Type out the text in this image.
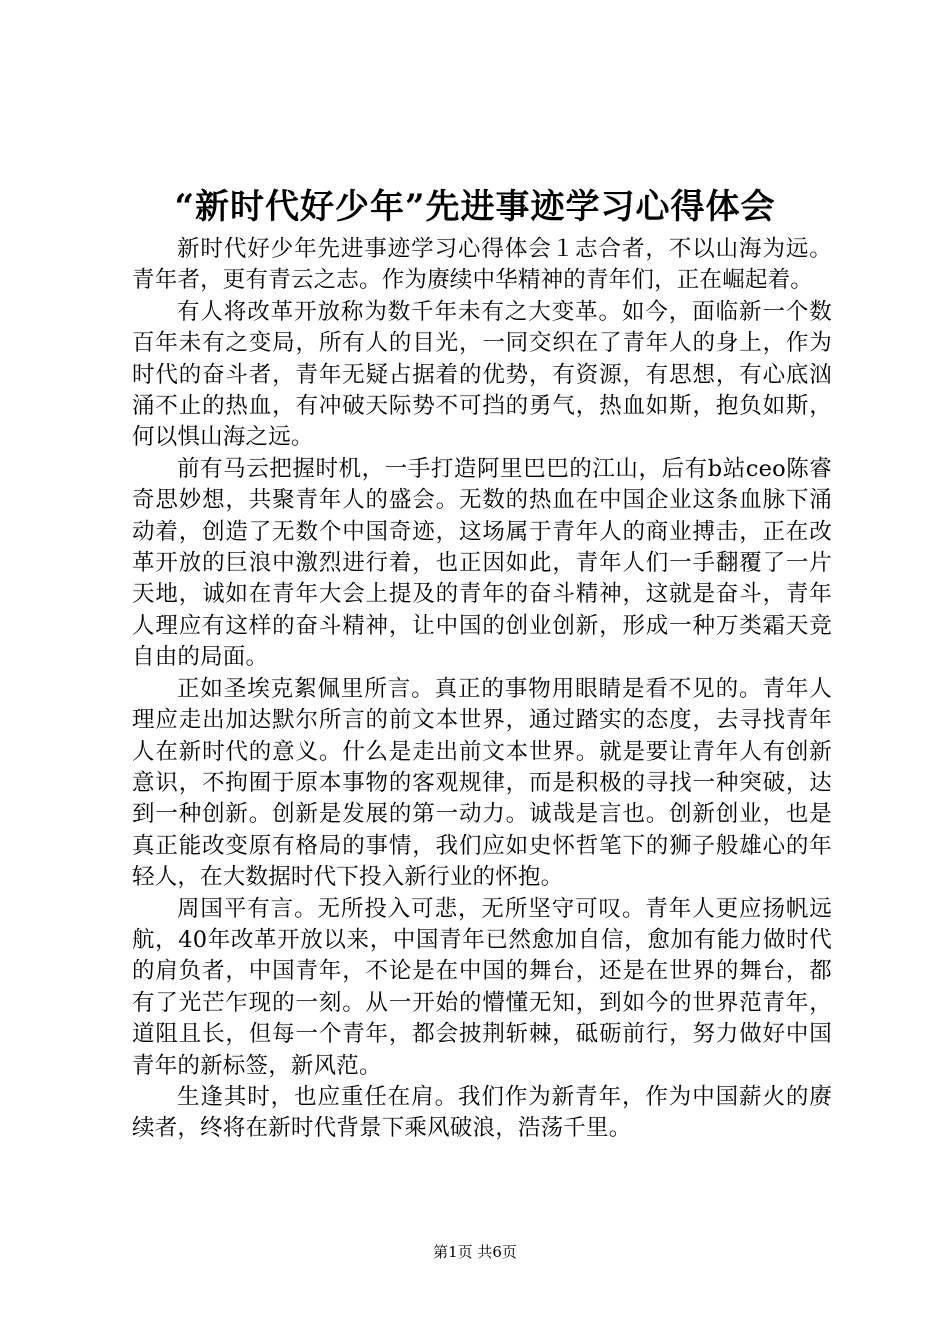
“新时代好少年”先进事迹学习心得体会

新时代好少年先进事迹学习心得体会１志合者，不以山海为远。青年者，更有青云之志。作为赓续中华精神的青年们，正在崛起着。

有人将改革开放称为数千年未有之大变革。如今，面临新一个数百年未有之变局，所有人的目光，一同交织在了青年人的身上，作为时代的奋斗者，青年无疑占据着的优势，有资源，有思想，有心底汹涌不止的热血，有冲破天际势不可挡的勇气，热血如斯，抱负如斯，何以惧山海之远。

前有马云把握时机，一手打造阿里巴巴的江山，后有b站ceo陈睿奇思妙想，共聚青年人的盛会。无数的热血在中国企业这条血脉下涌动着，创造了无数个中国奇迹，这场属于青年人的商业搏击，正在改革开放的巨浪中激烈进行着，也正因如此，青年人们一手翻覆了一片天地，诚如在青年大会上提及的青年的奋斗精神，这就是奋斗，青年人理应有这样的奋斗精神，让中国的创业创新，形成一种万类霜天竞自由的局面。

正如圣埃克絮佩里所言。真正的事物用眼睛是看不见的。青年人理应走出加达默尔所言的前文本世界，通过踏实的态度，去寻找青年人在新时代的意义。什么是走出前文本世界。就是要让青年人有创新意识，不拘囿于原本事物的客观规律，而是积极的寻找一种突破，达到一种创新。创新是发展的第一动力。诚哉是言也。创新创业，也是真正能改变原有格局的事情，我们应如史怀哲笔下的狮子般雄心的年轻人，在大数据时代下投入新行业的怀抱。

周国平有言。无所投入可悲，无所坚守可叹。青年人更应扬帆远航，40年改革开放以来，中国青年已然愈加自信，愈加有能力做时代的肩负者，中国青年，不论是在中国的舞台，还是在世界的舞台，都有了光芒乍现的一刻。从一开始的懵懂无知，到如今的世界范青年，道阻且长，但每一个青年，都会披荆斩棘，砥砺前行，努力做好中国青年的新标签，新风范。

生逢其时，也应重任在肩。我们作为新青年，作为中国薪火的赓续者，终将在新时代背景下乘风破浪，浩荡千里。

第1页 共6页
